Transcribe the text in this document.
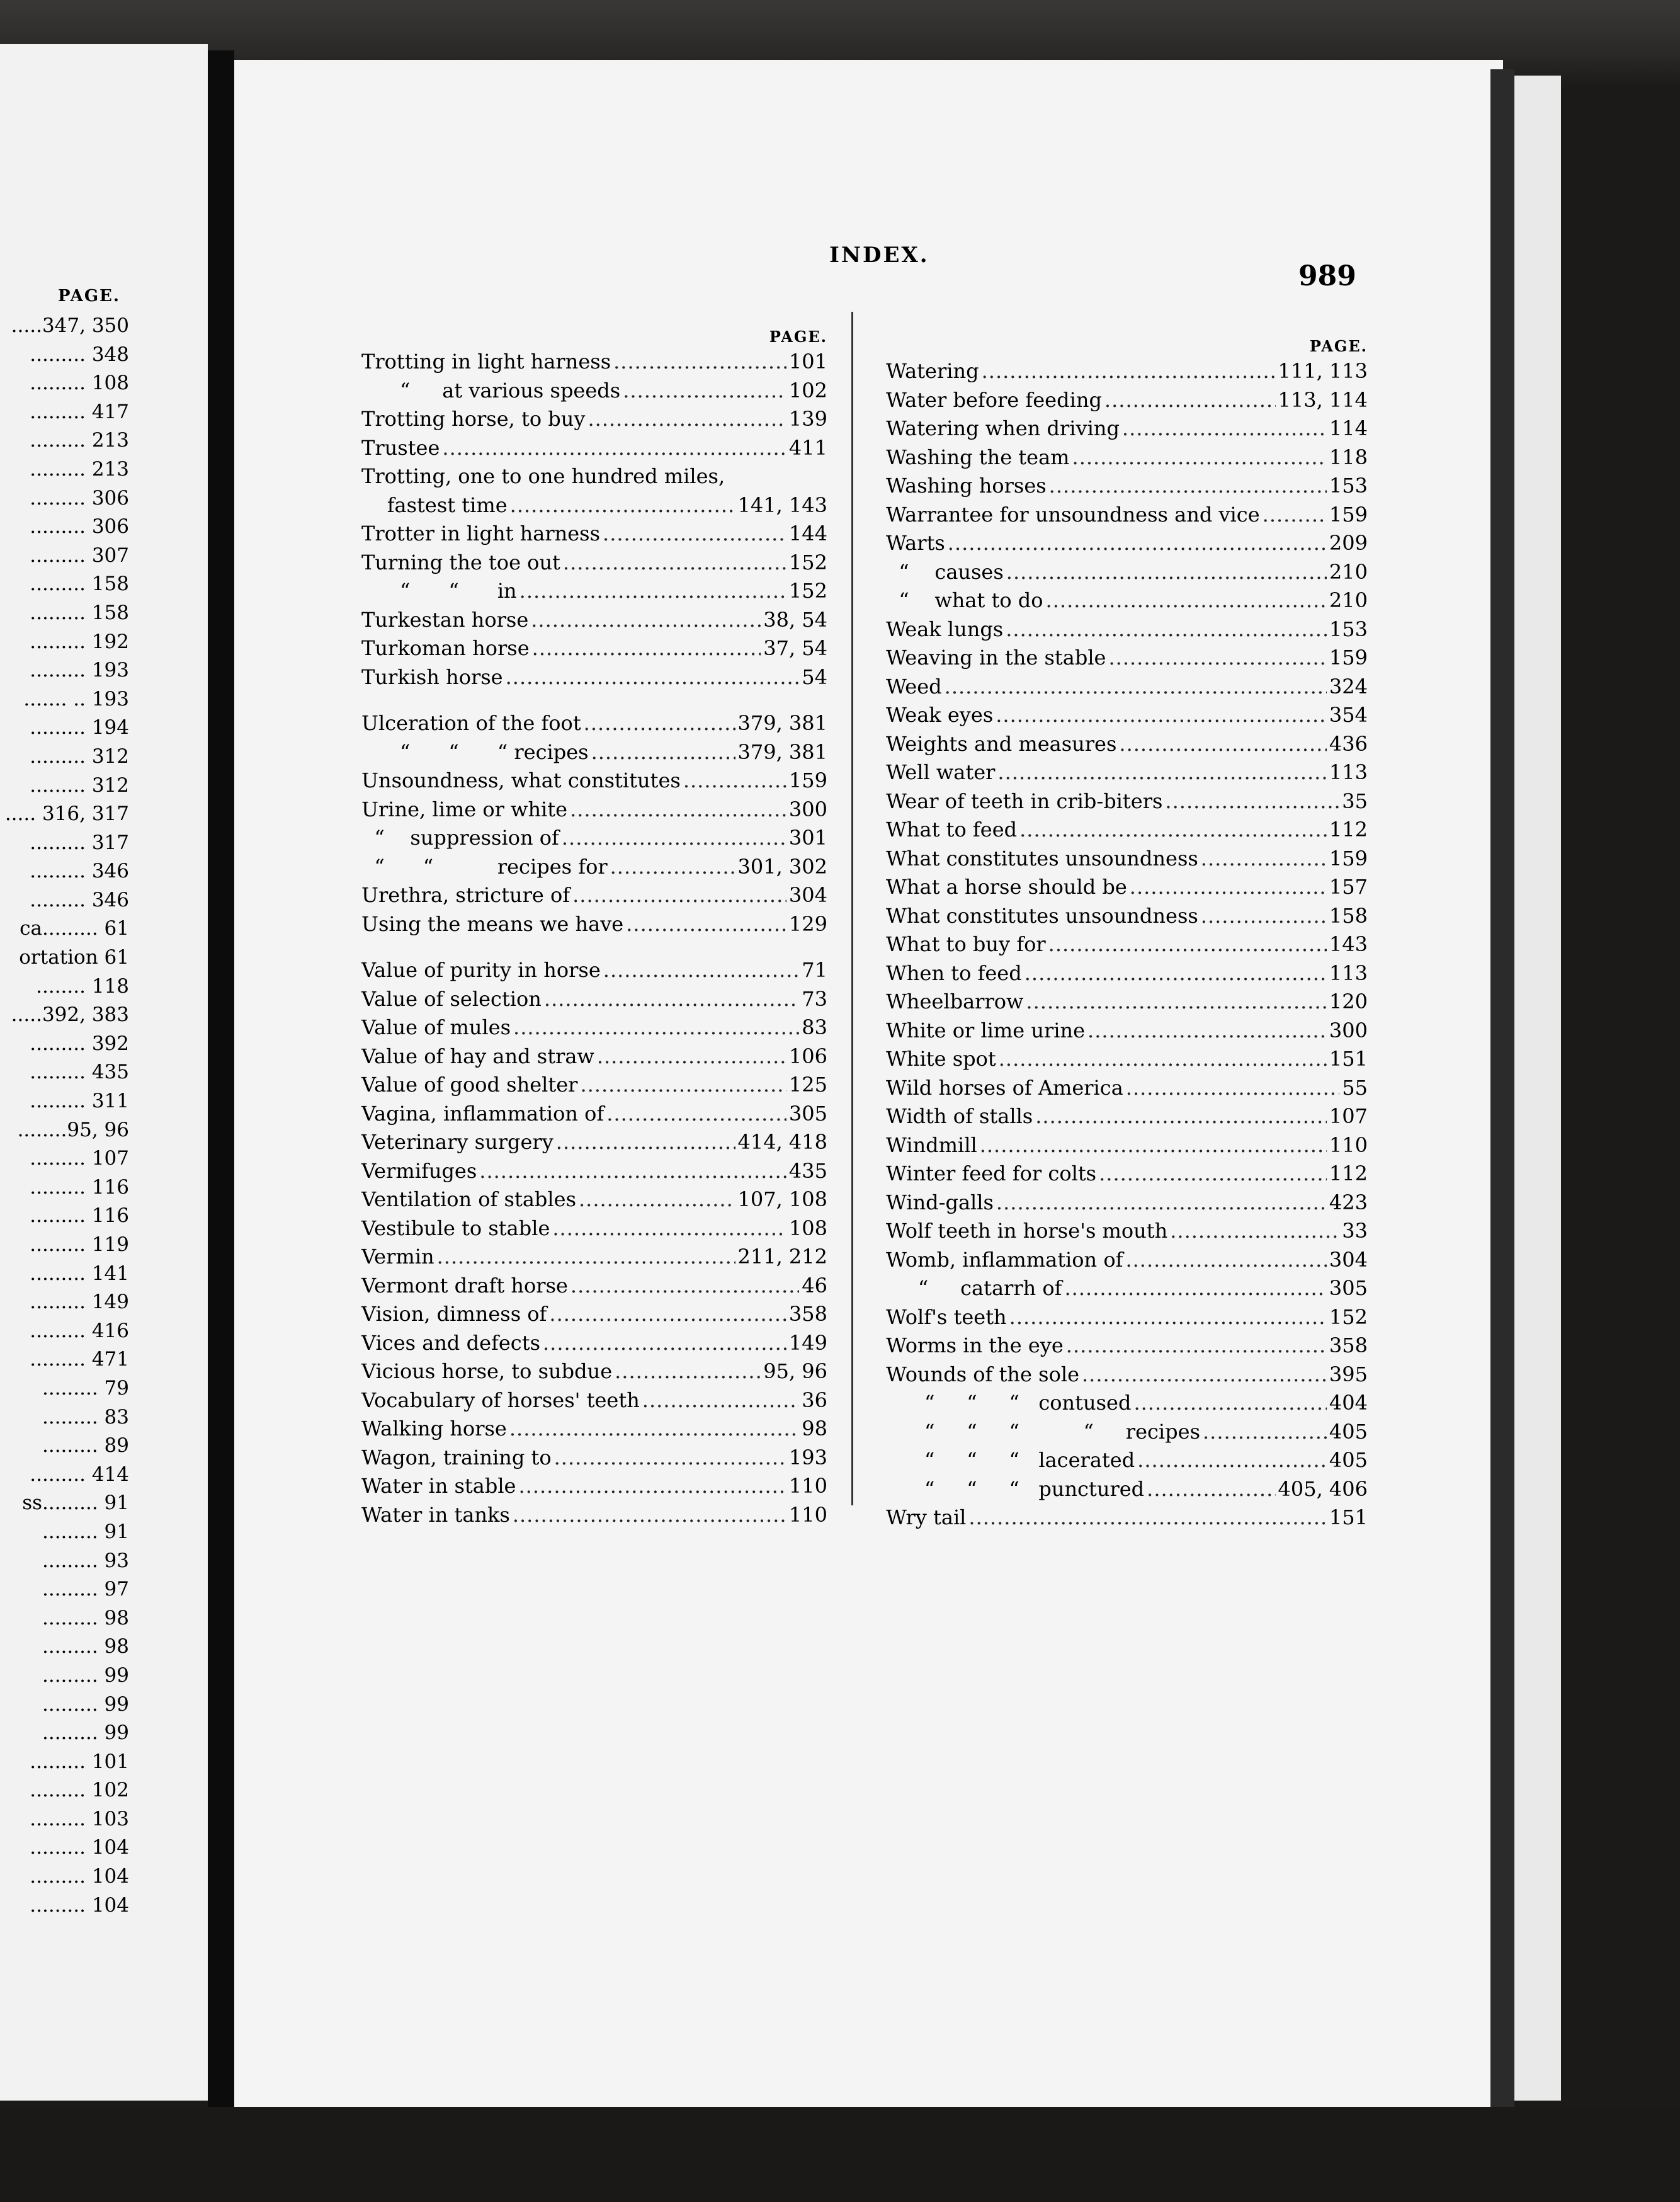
PAGE.
.....347, 350
......... 348
......... 108
......... 417
......... 213
......... 213
......... 306
......... 306
......... 307
......... 158
......... 158
......... 192
......... 193
....... .. 193
......... 194
......... 312
......... 312
..... 316, 317
......... 317
......... 346
......... 346
ca......... 61
ortation 61
........ 118
.....392, 383
......... 392
......... 435
......... 311
........95, 96
......... 107
......... 116
......... 116
......... 119
......... 141
......... 149
......... 416
......... 471
......... 79
......... 83
......... 89
......... 414
ss......... 91
......... 91
......... 93
......... 97
......... 98
......... 98
......... 99
......... 99
......... 99
......... 101
......... 102
......... 103
......... 104
......... 104
......... 104
INDEX.
989
PAGE.
Trotting in light harness .....	101
“     at various speeds .....	102
Trotting horse, to buy .....	139
Trustee .....	411
Trotting, one to one hundred miles,
fastest time .....	141, 143
Trotter in light harness .....	144
Turning the toe out .....	152
“      “      in .....	152
Turkestan horse .....	38, 54
Turkoman horse .....	37, 54
Turkish horse .....	54
Ulceration of the foot .....	379, 381
“      “      “ recipes .....	379, 381
Unsoundness, what constitutes .....	159
Urine, lime or white .....	300
“    suppression of .....	301
“      “          recipes for .....	301, 302
Urethra, stricture of .....	304
Using the means we have .....	129
Value of purity in horse .....	71
Value of selection .....	73
Value of mules .....	83
Value of hay and straw .....	106
Value of good shelter .....	125
Vagina, inflammation of .....	305
Veterinary surgery .....	414, 418
Vermifuges .....	435
Ventilation of stables .....	107, 108
Vestibule to stable .....	108
Vermin .....	211, 212
Vermont draft horse .....	46
Vision, dimness of .....	358
Vices and defects .....	149
Vicious horse, to subdue .....	95, 96
Vocabulary of horses' teeth .....	36
Walking horse .....	98
Wagon, training to .....	193
Water in stable .....	110
Water in tanks .....	110
PAGE.
Watering .....	111, 113
Water before feeding .....	113, 114
Watering when driving .....	114
Washing the team .....	118
Washing horses .....	153
Warrantee for unsoundness and vice .....	159
Warts .....	209
“    causes .....	210
“    what to do .....	210
Weak lungs .....	153
Weaving in the stable .....	159
Weed .....	324
Weak eyes .....	354
Weights and measures .....	436
Well water .....	113
Wear of teeth in crib-biters .....	35
What to feed .....	112
What constitutes unsoundness .....	159
What a horse should be .....	157
What constitutes unsoundness .....	158
What to buy for .....	143
When to feed .....	113
Wheelbarrow .....	120
White or lime urine .....	300
White spot .....	151
Wild horses of America .....	55
Width of stalls .....	107
Windmill .....	110
Winter feed for colts .....	112
Wind-galls .....	423
Wolf teeth in horse's mouth .....	33
Womb, inflammation of .....	304
“     catarrh of .....	305
Wolf's teeth .....	152
Worms in the eye .....	358
Wounds of the sole .....	395
“     “     “   contused .....	404
“     “     “          “     recipes .....	405
“     “     “   lacerated .....	405
“     “     “   punctured .....	405, 406
Wry tail .....	151
